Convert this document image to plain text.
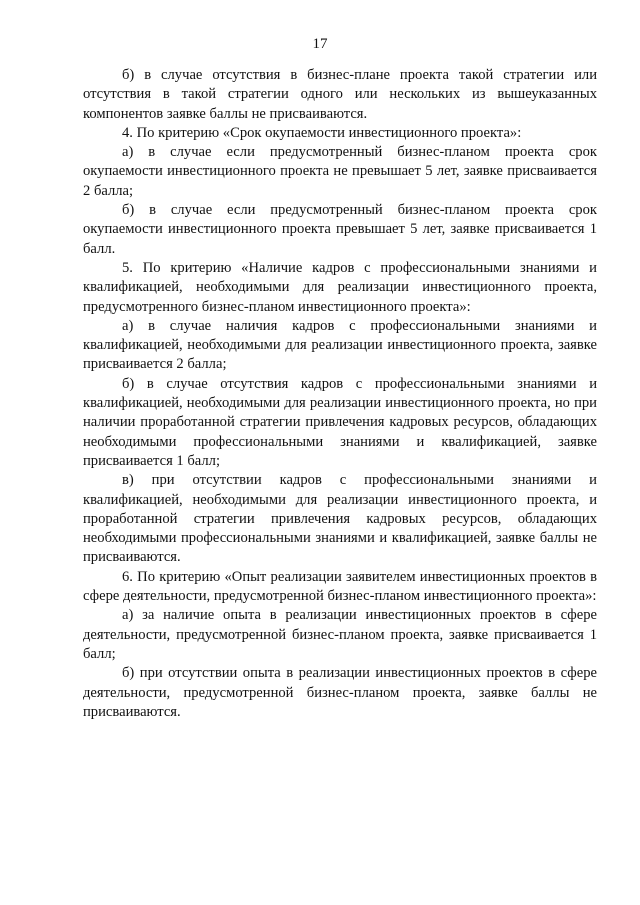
17

б) в случае отсутствия в бизнес-плане проекта такой стратегии или отсутствия в такой стратегии одного или нескольких из вышеуказанных компонентов заявке баллы не присваиваются.

4. По критерию «Срок окупаемости инвестиционного проекта»:

а) в случае если предусмотренный бизнес-планом проекта срок окупаемости инвестиционного проекта не превышает 5 лет, заявке присваивается 2 балла;

б) в случае если предусмотренный бизнес-планом проекта срок окупаемости инвестиционного проекта превышает 5 лет, заявке присваивается 1 балл.

5. По критерию «Наличие кадров с профессиональными знаниями и квалификацией, необходимыми для реализации инвестиционного проекта, предусмотренного бизнес-планом инвестиционного проекта»:

а) в случае наличия кадров с профессиональными знаниями и квалификацией, необходимыми для реализации инвестиционного проекта, заявке присваивается 2 балла;

б) в случае отсутствия кадров с профессиональными знаниями и квалификацией, необходимыми для реализации инвестиционного проекта, но при наличии проработанной стратегии привлечения кадровых ресурсов, обладающих необходимыми профессиональными знаниями и квалификацией, заявке присваивается 1 балл;

в) при отсутствии кадров с профессиональными знаниями и квалификацией, необходимыми для реализации инвестиционного проекта, и проработанной стратегии привлечения кадровых ресурсов, обладающих необходимыми профессиональными знаниями и квалификацией, заявке баллы не присваиваются.

6. По критерию «Опыт реализации заявителем инвестиционных проектов в сфере деятельности, предусмотренной бизнес-планом инвестиционного проекта»:

а) за наличие опыта в реализации инвестиционных проектов в сфере деятельности, предусмотренной бизнес-планом проекта, заявке присваивается 1 балл;

б) при отсутствии опыта в реализации инвестиционных проектов в сфере деятельности, предусмотренной бизнес-планом проекта, заявке баллы не присваиваются.
